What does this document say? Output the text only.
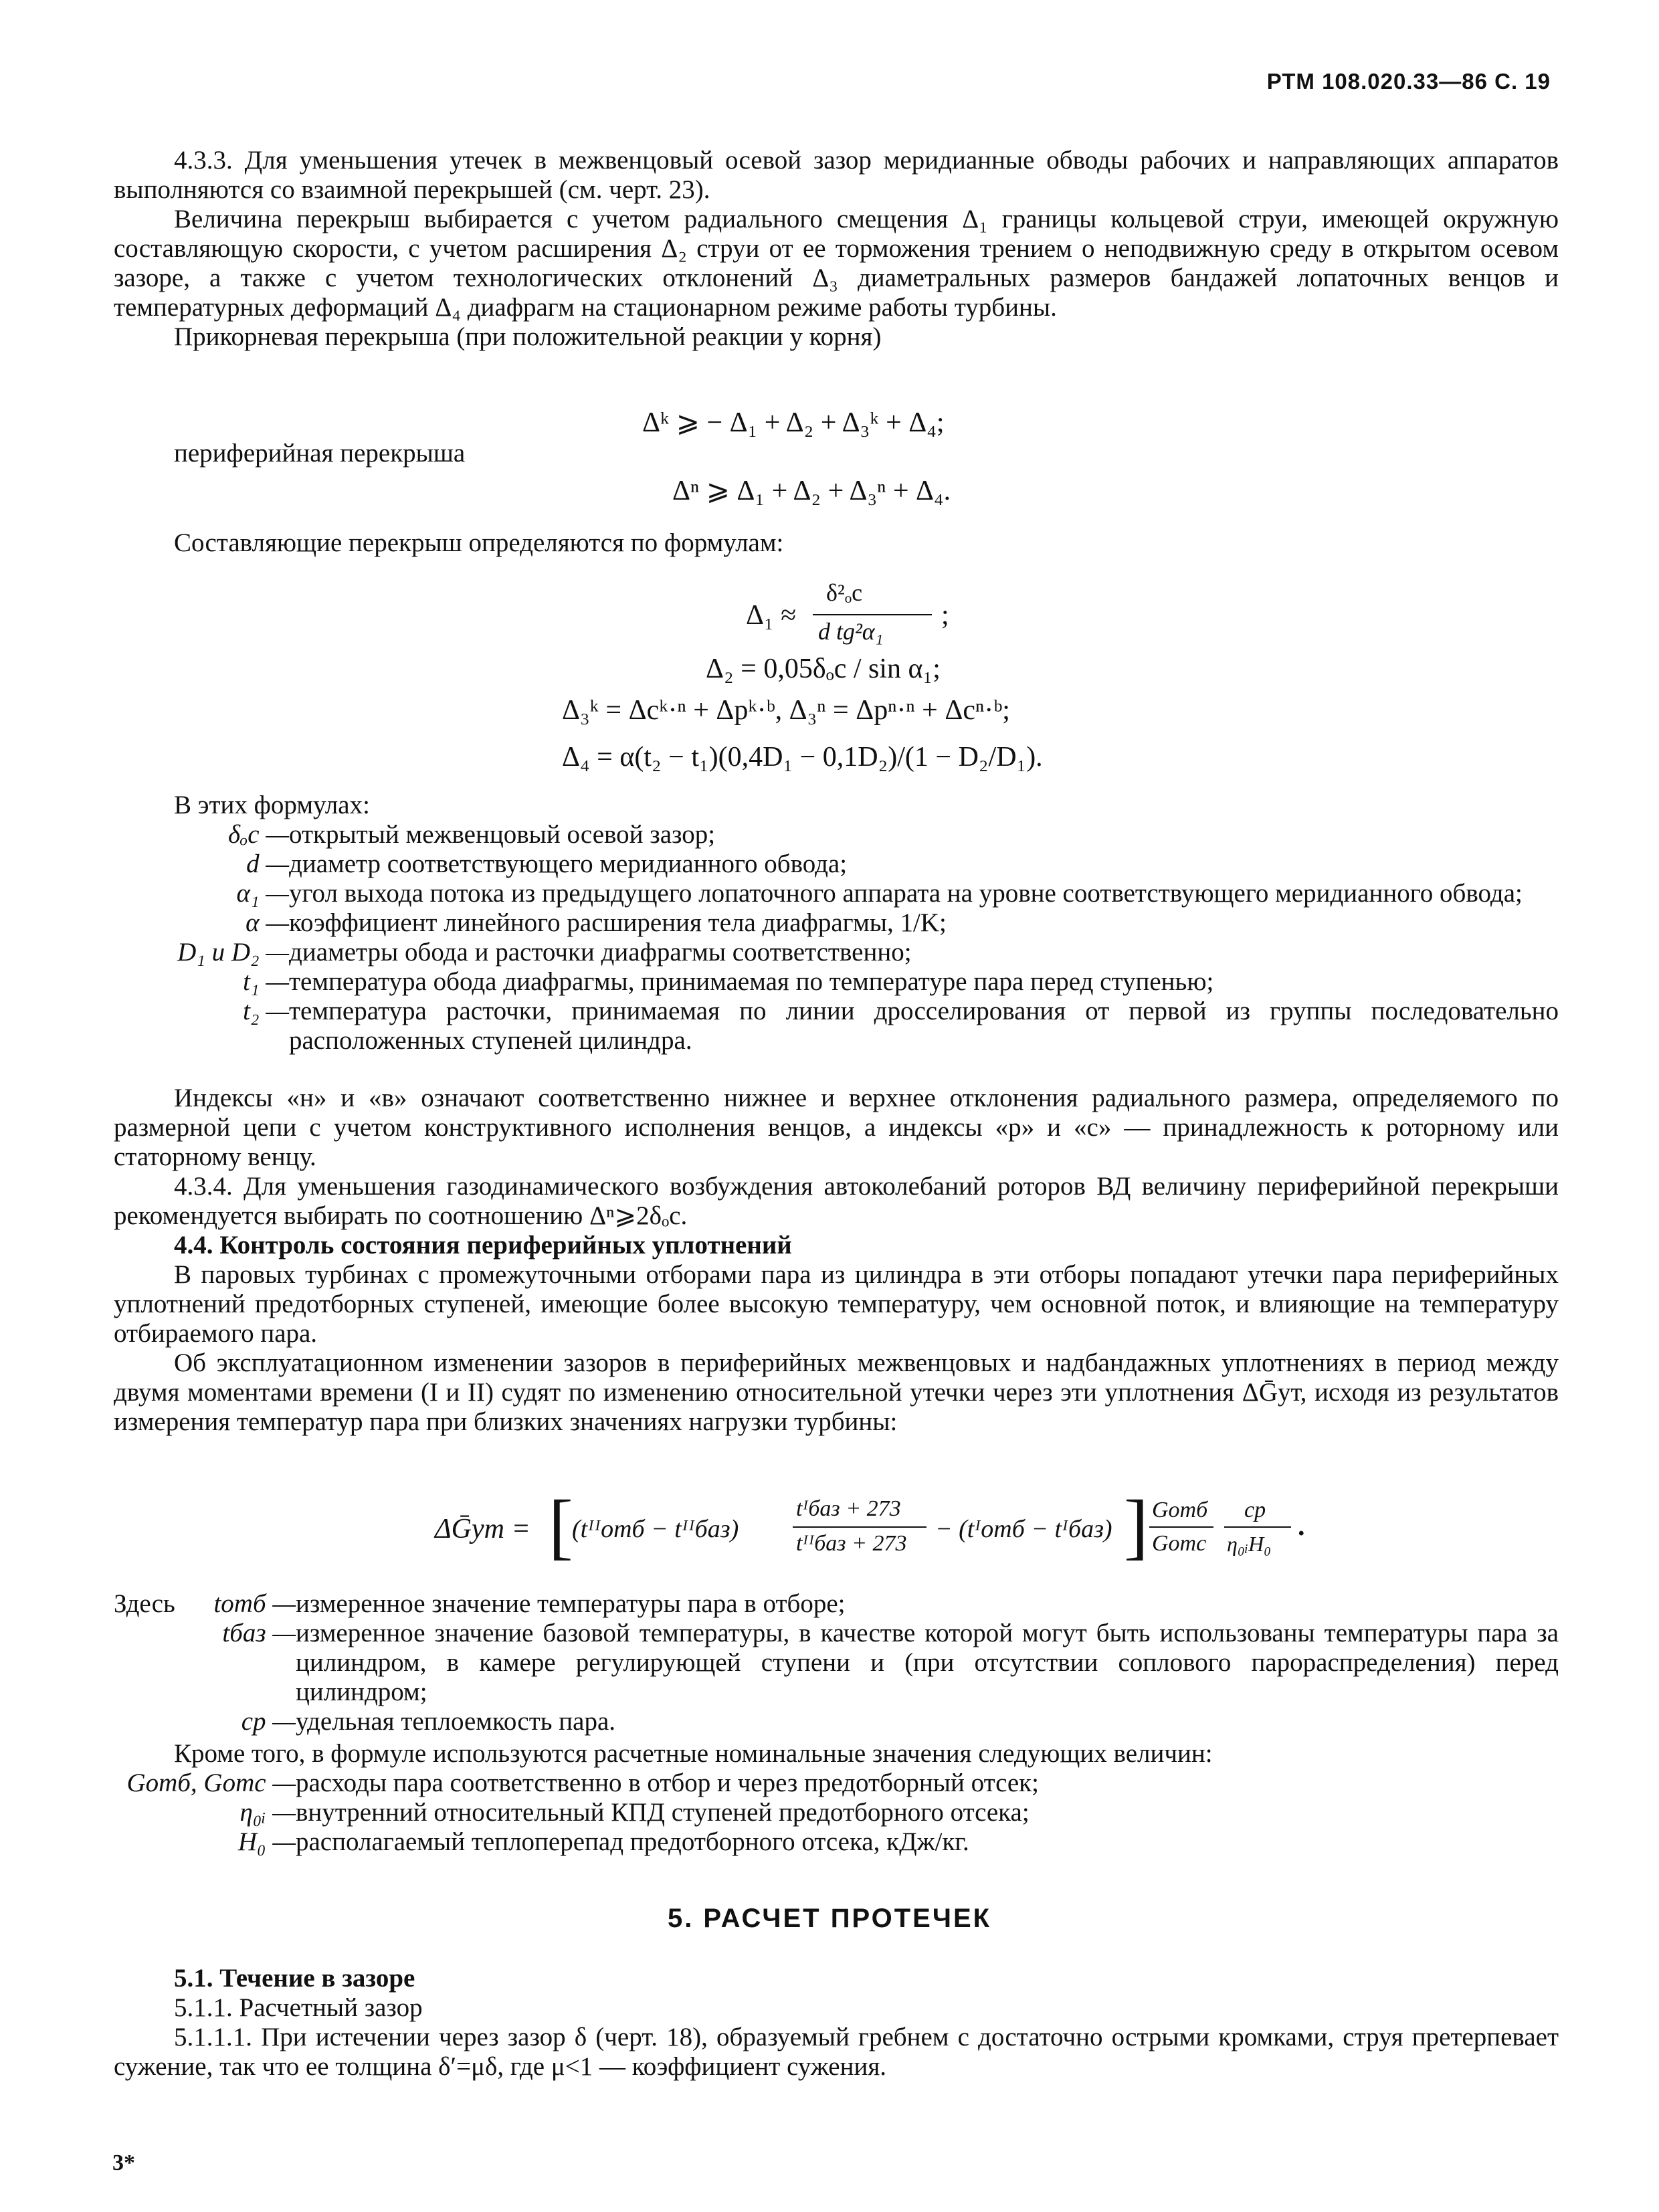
РТМ 108.020.33—86 С. 19

4.3.3. Для уменьшения утечек в межвенцовый осевой зазор меридианные обводы рабочих и направляющих аппаратов выполняются со взаимной перекрышей (см. черт. 23).

Величина перекрыш выбирается с учетом радиального смещения Δ₁ границы кольцевой струи, имеющей окружную составляющую скорости, с учетом расширения Δ₂ струи от ее торможения трением о неподвижную среду в открытом осевом зазоре, а также с учетом технологических отклонений Δ₃ диаметральных размеров бандажей лопаточных венцов и температурных деформаций Δ₄ диафрагм на стационарном режиме работы турбины.

Прикорневая перекрыша (при положительной реакции у корня)

Δᵏ ⩾ − Δ₁ + Δ₂ + Δ₃ᵏ + Δ₄;

периферийная перекрыша

Δⁿ ⩾ Δ₁ + Δ₂ + Δ₃ⁿ + Δ₄.

Составляющие перекрыш определяются по формулам:

Δ₁ ≈
δ²ₒc
d tg²α₁
;
Δ₂ = 0,05δₒc / sin α₁;
Δ₃ᵏ = Δcᵏ·ⁿ + Δpᵏ·ᵇ, Δ₃ⁿ = Δpⁿ·ⁿ + Δcⁿ·ᵇ;
Δ₄ = α(t₂ − t₁)(0,4D₁ − 0,1D₂)/(1 − D₂/D₁).

В этих формулах:

δₒc — открытый межвенцовый осевой зазор;
d — диаметр соответствующего меридианного обвода;
α₁ — угол выхода потока из предыдущего лопаточного аппарата на уровне соответствующего меридианного обвода;
α — коэффициент линейного расширения тела диафрагмы, 1/K;
D₁ и D₂ — диаметры обода и расточки диафрагмы соответственно;
t₁ — температура обода диафрагмы, принимаемая по температуре пара перед ступенью;
t₂ — температура расточки, принимаемая по линии дросселирования от первой из группы последовательно расположенных ступеней цилиндра.

Индексы «н» и «в» означают соответственно нижнее и верхнее отклонения радиального размера, определяемого по размерной цепи с учетом конструктивного исполнения венцов, а индексы «р» и «с» — принадлежность к роторному или статорному венцу.

4.3.4. Для уменьшения газодинамического возбуждения автоколебаний роторов ВД величину периферийной перекрыши рекомендуется выбирать по соотношению Δⁿ⩾2δₒc.

4.4. Контроль состояния периферийных уплотнений

В паровых турбинах с промежуточными отборами пара из цилиндра в эти отборы попадают утечки пара периферийных уплотнений предотборных ступеней, имеющие более высокую температуру, чем основной поток, и влияющие на температуру отбираемого пара.

Об эксплуатационном изменении зазоров в периферийных межвенцовых и надбандажных уплотнениях в период между двумя моментами времени (I и II) судят по изменению относительной утечки через эти уплотнения ΔḠут, исходя из результатов измерения температур пара при близких значениях нагрузки турбины:

ΔḠут = [
(tᴵᴵотб − tᴵᴵбаз)
tᴵбаз + 273
tᴵᴵбаз + 273
− (tᴵотб − tᴵбаз) ] Gотб
Gотс
cp
η₀ᵢH₀
.
Здесь	tотб — измеренное значение температуры пара в отборе;
tбаз — измеренное значение базовой температуры, в качестве которой могут быть использованы температуры пара за цилиндром, в камере регулирующей ступени и (при отсутствии соплового парораспределения) перед цилиндром;
cp — удельная теплоемкость пара.

Кроме того, в формуле используются расчетные номинальные значения следующих величин:

Gотб, Gотс — расходы пара соответственно в отбор и через предотборный отсек;
η₀ᵢ — внутренний относительный КПД ступеней предотборного отсека;
H₀ — располагаемый теплоперепад предотборного отсека, кДж/кг.
5. РАСЧЕТ ПРОТЕЧЕК

5.1. Течение в зазоре

5.1.1. Расчетный зазор

5.1.1.1. При истечении через зазор δ (черт. 18), образуемый гребнем с достаточно острыми кромками, струя претерпевает сужение, так что ее толщина δ′=μδ, где μ<1 — коэффициент сужения.

3*
